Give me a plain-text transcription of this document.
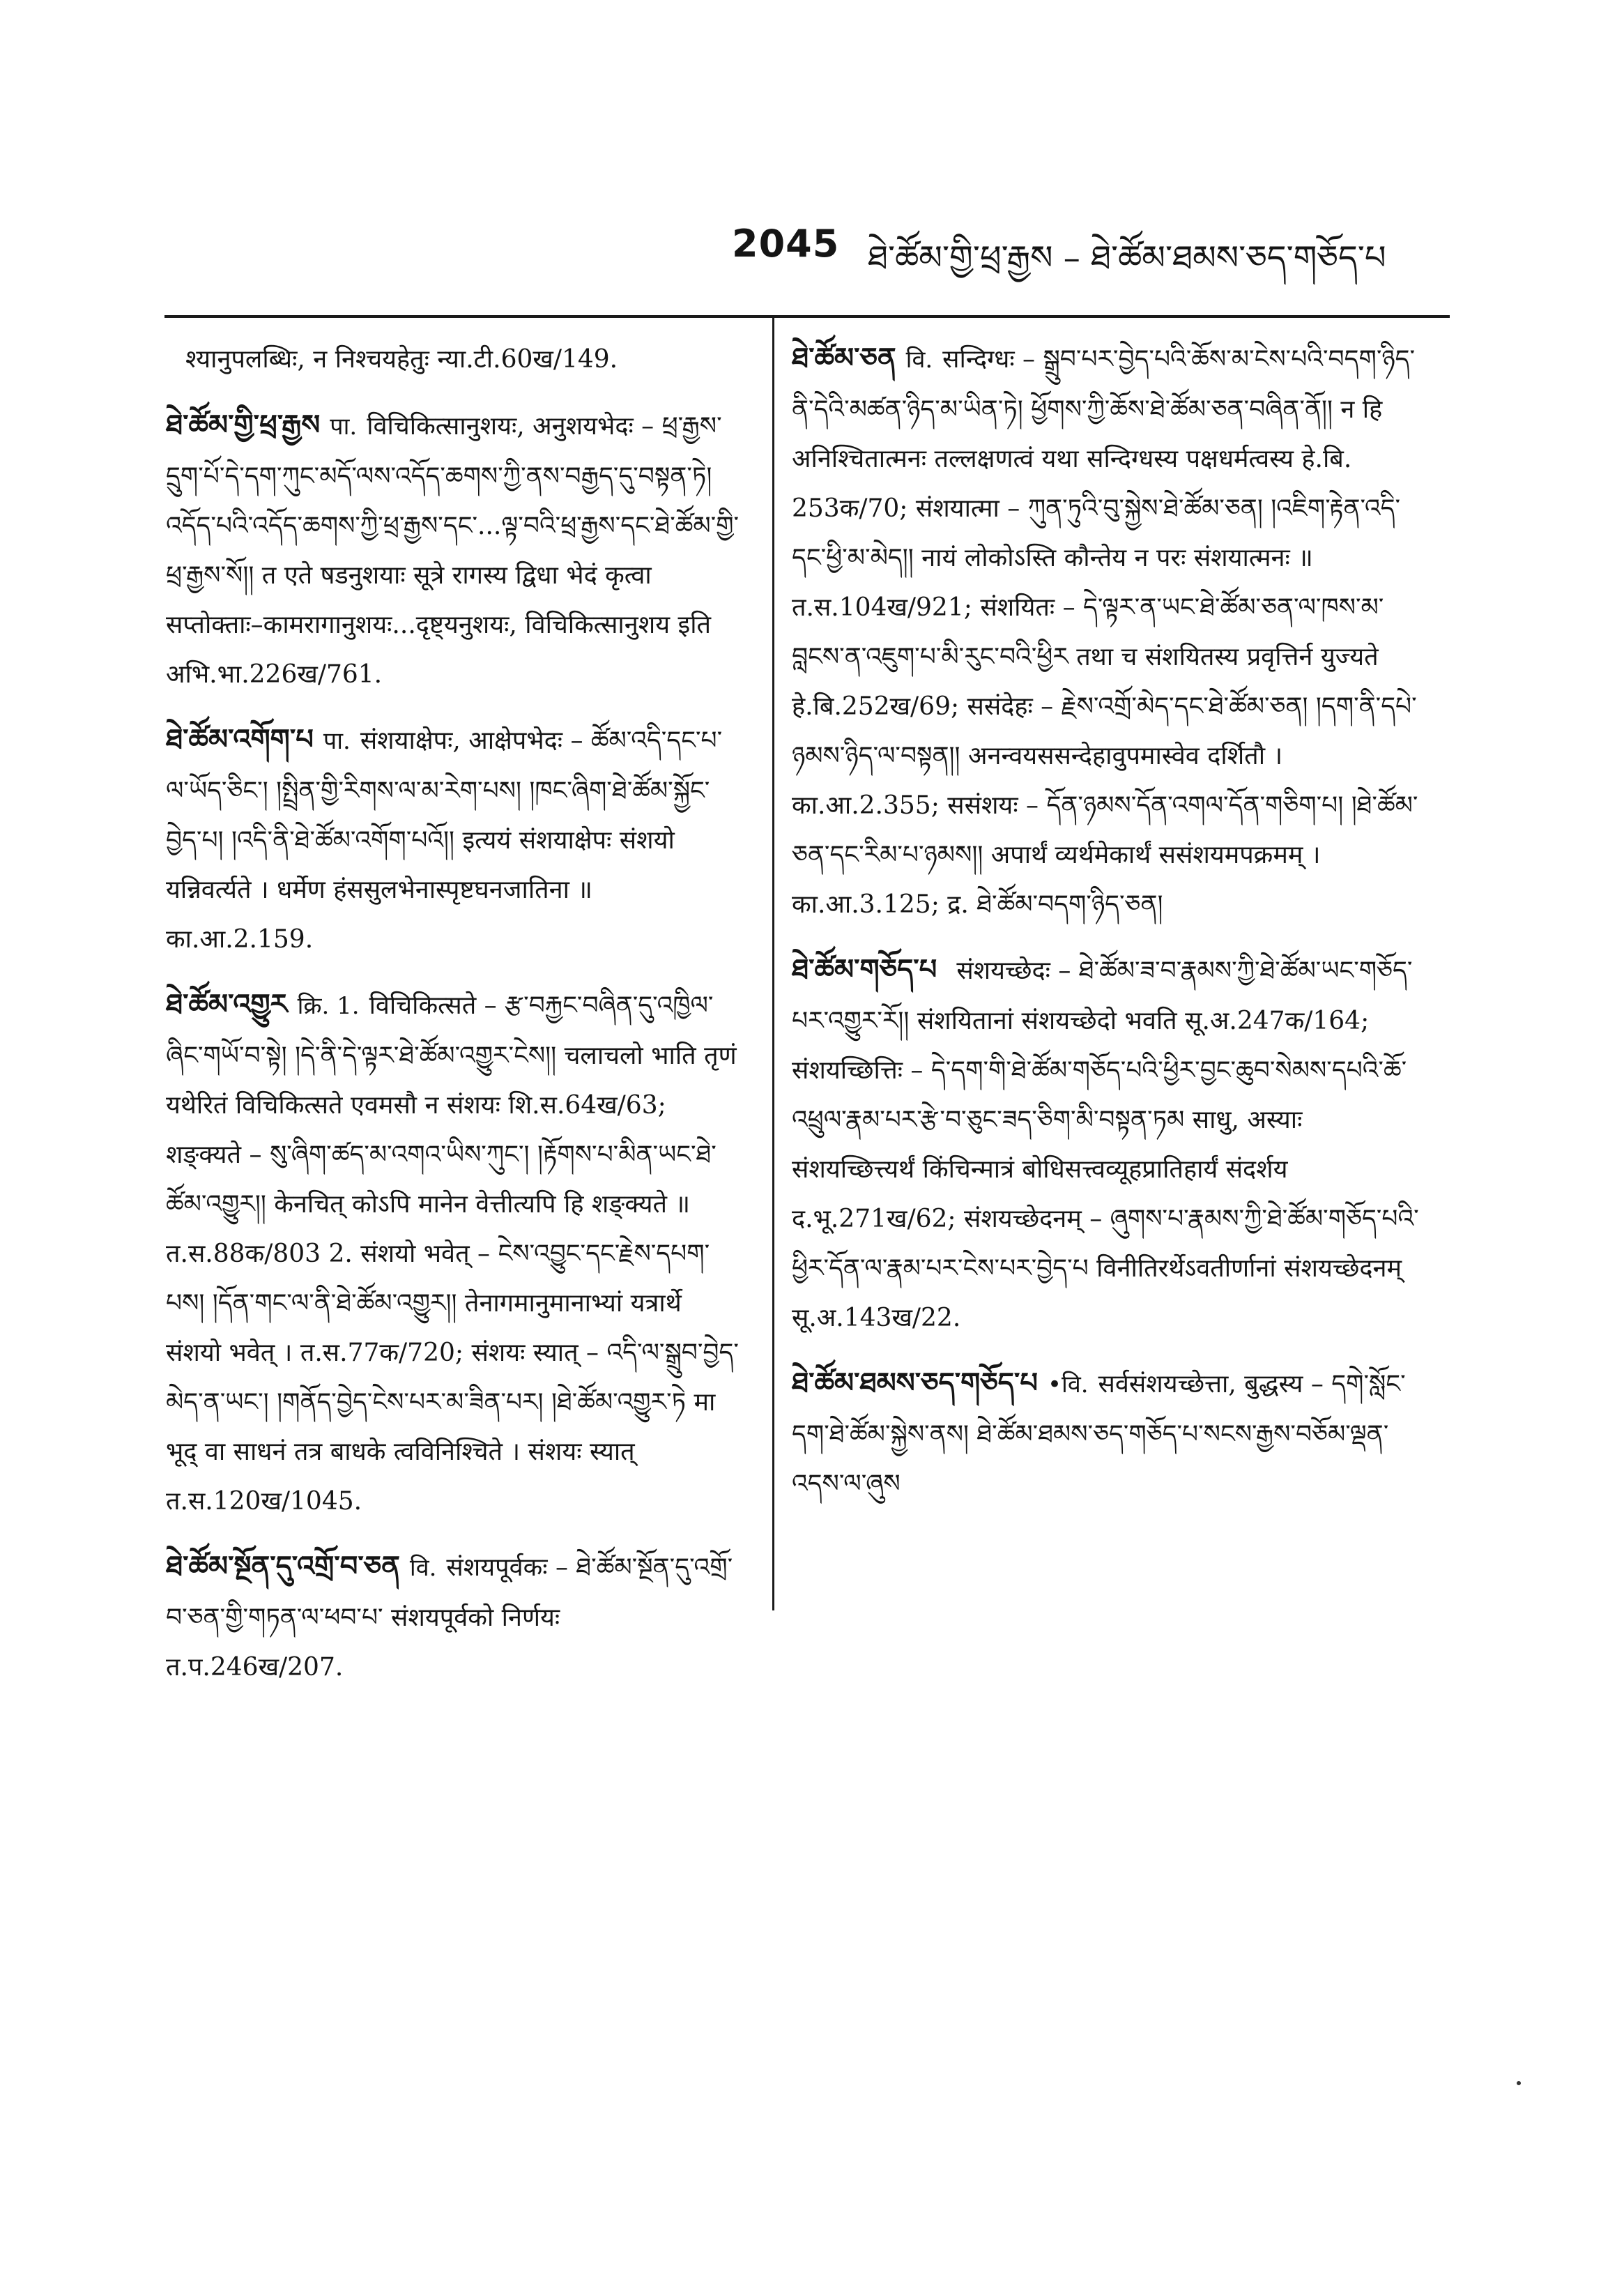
2045 ཐེ་ཚོམ་གྱི་ཕྲ་རྒྱས – ཐེ་ཚོམ་ཐམས་ཅད་གཅོད་པ

श्यानुपलब्धिः, न निश्चयहेतुः न्या.टी.60ख/149.

ཐེ་ཚོམ་གྱི་ཕྲ་རྒྱས पा. विचिकित्सानुशयः, अनुशयभेदः – ཕྲ་རྒྱས་དྲུག་པོ་དེ་དག་ཀུང་མདོ་ལས་འདོད་ཆགས་ཀྱི་ནས་བརྒྱད་དུ་བསྟན་ཏེ། འདོད་པའི་འདོད་ཆགས་ཀྱི་ཕྲ་རྒྱས་དང་...ལྟ་བའི་ཕྲ་རྒྱས་དང་ཐེ་ཚོམ་གྱི་ཕྲ་རྒྱས་སོ།། त एते षडनुशयाः सूत्रे रागस्य द्विधा भेदं कृत्वा सप्तोक्ताः–कामरागानुशयः...दृष्ट्यनुशयः, विचिकित्सानुशय इति अभि.भा.226ख/761.

ཐེ་ཚོམ་འགོག་པ पा. संशयाक्षेपः, आक्षेपभेदः – ཚོམ་འདི་དང་པ་ལ་ཡོད་ཅིང་། །སྤྲིན་གྱི་རིགས་ལ་མ་རེག་པས། །ཁང་ཞིག་ཐེ་ཚོམ་སྐྱོང་བྱེད་པ། །འདི་ནི་ཐེ་ཚོམ་འགོག་པའོ།། इत्ययं संशयाक्षेपः संशयो यन्निवर्त्यते । धर्मेण हंससुलभेनास्पृष्टघनजातिना ॥ का.आ.2.159.

ཐེ་ཚོམ་འགྱུར क्रि. 1. विचिकित्सते – རྩ་བརྐྱང་བཞིན་དུ་འཁྱིལ་ཞིང་གཡོ་བ་སྟེ། །དེ་ནི་དེ་ལྟར་ཐེ་ཚོམ་འགྱུར་ངེས།། चलाचलो भाति तृणं यथेरितं विचिकित्सते एवमसौ न संशयः शि.स.64ख/63; शङ्क्यते – སུ་ཞིག་ཚད་མ་འགའ་ཡིས་ཀུང་། །རྟོགས་པ་མིན་ཡང་ཐེ་ཚོམ་འགྱུར།། केनचित् कोऽपि मानेन वेत्तीत्यपि हि शङ्क्यते ॥ त.स.88क/803 2. संशयो भवेत् – ངེས་འབྱུང་དང་རྗེས་དཔག་པས། །དོན་གང་ལ་ནི་ཐེ་ཚོམ་འགྱུར།། तेनागमानुमानाभ्यां यत्रार्थे संशयो भवेत् । त.स.77क/720; संशयः स्यात् – འདི་ལ་སྒྲུབ་བྱེད་མེད་ན་ཡང་། །གནོད་བྱེད་ངེས་པར་མ་ཟིན་པར། །ཐེ་ཚོམ་འགྱུར་ཏེ मा भूद् वा साधनं तत्र बाधके त्वविनिश्चिते । संशयः स्यात् त.स.120ख/1045.

ཐེ་ཚོམ་སྔོན་དུ་འགྲོ་བ་ཅན वि. संशयपूर्वकः – ཐེ་ཚོམ་སྔོན་དུ་འགྲོ་བ་ཅན་གྱི་གཏན་ལ་ཕབ་པ་ संशयपूर्वको निर्णयः त.प.246ख/207.

ཐེ་ཚོམ་ཅན वि. सन्दिग्धः – སྒྲུབ་པར་བྱེད་པའི་ཆོས་མ་ངེས་པའི་བདག་ཉིད་ནི་དེའི་མཚན་ཉིད་མ་ཡིན་ཏེ། ཕྱོགས་ཀྱི་ཆོས་ཐེ་ཚོམ་ཅན་བཞིན་ནོ།། न हि अनिश्चितात्मनः तल्लक्षणत्वं यथा सन्दिग्धस्य पक्षधर्मत्वस्य हे.बि. 253क/70; संशयात्मा – ཀུན་ཏུའི་བུ་སྐྱེས་ཐེ་ཚོམ་ཅན། །འཇིག་རྟེན་འདི་དང་ཕྱི་མ་མེད།། नायं लोकोऽस्ति कौन्तेय न परः संशयात्मनः ॥ त.स.104ख/921; संशयितः – དེ་ལྟར་ན་ཡང་ཐེ་ཚོམ་ཅན་ལ་ཁས་མ་བླངས་ན་འཇུག་པ་མི་རུང་བའི་ཕྱིར तथा च संशयितस्य प्रवृत्तिर्न युज्यते हे.बि.252ख/69; ससंदेहः – རྗེས་འགྲོ་མེད་དང་ཐེ་ཚོམ་ཅན། །དག་ནི་དཔེ་ཉམས་ཉིད་ལ་བསྟན།། अनन्वयससन्देहावुपमास्वेव दर्शितौ । का.आ.2.355; ससंशयः – དོན་ཉམས་དོན་འགལ་དོན་གཅིག་པ། །ཐེ་ཚོམ་ཅན་དང་རིམ་པ་ཉམས།། अपार्थं व्यर्थमेकार्थं ससंशयमपक्रमम् । का.आ.3.125; द्र. ཐེ་ཚོམ་བདག་ཉིད་ཅན།

ཐེ་ཚོམ་གཅོད་པ संशयच्छेदः – ཐེ་ཚོམ་ཟ་བ་རྣམས་ཀྱི་ཐེ་ཚོམ་ཡང་གཅོད་པར་འགྱུར་རོ།། संशयितानां संशयच्छेदो भवति सू.अ.247क/164; संशयच्छित्तिः – དེ་དག་གི་ཐེ་ཚོམ་གཅོད་པའི་ཕྱིར་བྱང་ཆུབ་སེམས་དཔའི་ཆོ་འཕྲུལ་རྣམ་པར་རྩེ་བ་ཅུང་ཟད་ཅིག་མི་བསྟན་ཏམ साधु, अस्याः संशयच्छित्त्यर्थं किंचिन्मात्रं बोधिसत्त्वव्यूहप्रातिहार्यं संदर्शय द.भू.271ख/62; संशयच्छेदनम् – ཞུགས་པ་རྣམས་ཀྱི་ཐེ་ཚོམ་གཅོད་པའི་ཕྱིར་དོན་ལ་རྣམ་པར་ངེས་པར་བྱེད་པ विनीतिरर्थेऽवतीर्णानां संशयच्छेदनम् सू.अ.143ख/22.

ཐེ་ཚོམ་ཐམས་ཅད་གཅོད་པ •वि. सर्वसंशयच्छेत्ता, बुद्धस्य – དགེ་སློང་དག་ཐེ་ཚོམ་སྐྱེས་ནས། ཐེ་ཚོམ་ཐམས་ཅད་གཅོད་པ་སངས་རྒྱས་བཅོམ་ལྡན་འདས་ལ་ཞུས
